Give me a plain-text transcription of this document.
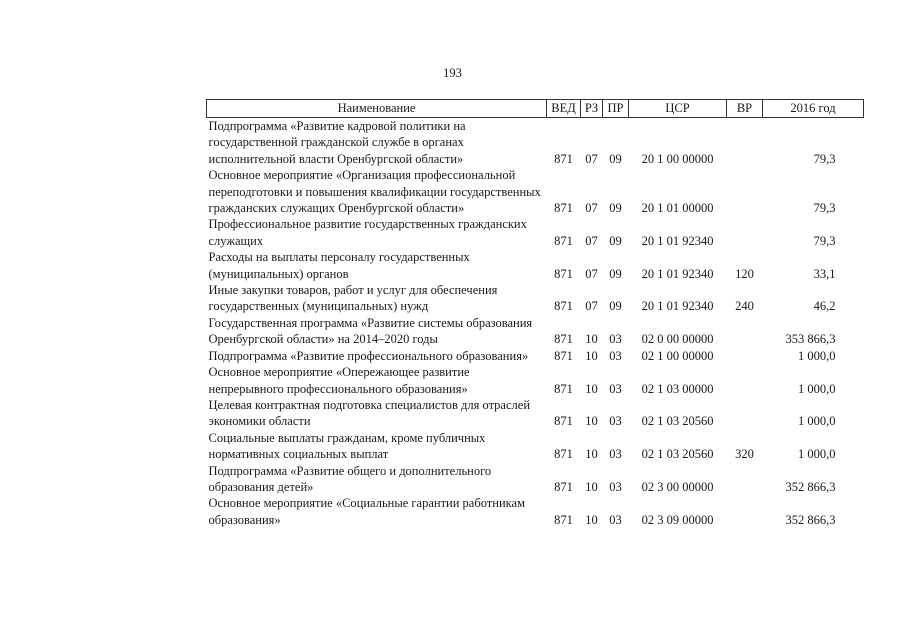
193
Наименование	ВЕД	РЗ	ПР	ЦСР	ВР	2016 год
Подпрограмма «Развитие кадровой политики на государственной гражданской службе в органах исполнительной власти Оренбургской области»	871	07	09	20 1 00 00000		79,3
Основное мероприятие «Организация профессиональной переподготовки и повышения квалификации государственных гражданских служащих Оренбургской области»	871	07	09	20 1 01 00000		79,3
Профессиональное развитие государственных гражданских служащих	871	07	09	20 1 01 92340		79,3
Расходы на выплаты персоналу государственных (муниципальных) органов	871	07	09	20 1 01 92340	120	33,1
Иные закупки товаров, работ и услуг для обеспечения государственных (муниципальных) нужд	871	07	09	20 1 01 92340	240	46,2
Государственная программа «Развитие системы образования Оренбургской области» на 2014–2020 годы	871	10	03	02 0 00 00000		353 866,3
Подпрограмма «Развитие профессионального образования»	871	10	03	02 1 00 00000		1 000,0
Основное мероприятие «Опережающее развитие непрерывного профессионального образования»	871	10	03	02 1 03 00000		1 000,0
Целевая контрактная подготовка специалистов для отраслей экономики области	871	10	03	02 1 03 20560		1 000,0
Социальные выплаты гражданам, кроме публичных нормативных социальных выплат	871	10	03	02 1 03 20560	320	1 000,0
Подпрограмма «Развитие общего и дополнительного образования детей»	871	10	03	02 3 00 00000		352 866,3
Основное мероприятие «Социальные гарантии работникам образования»	871	10	03	02 3 09 00000		352 866,3
